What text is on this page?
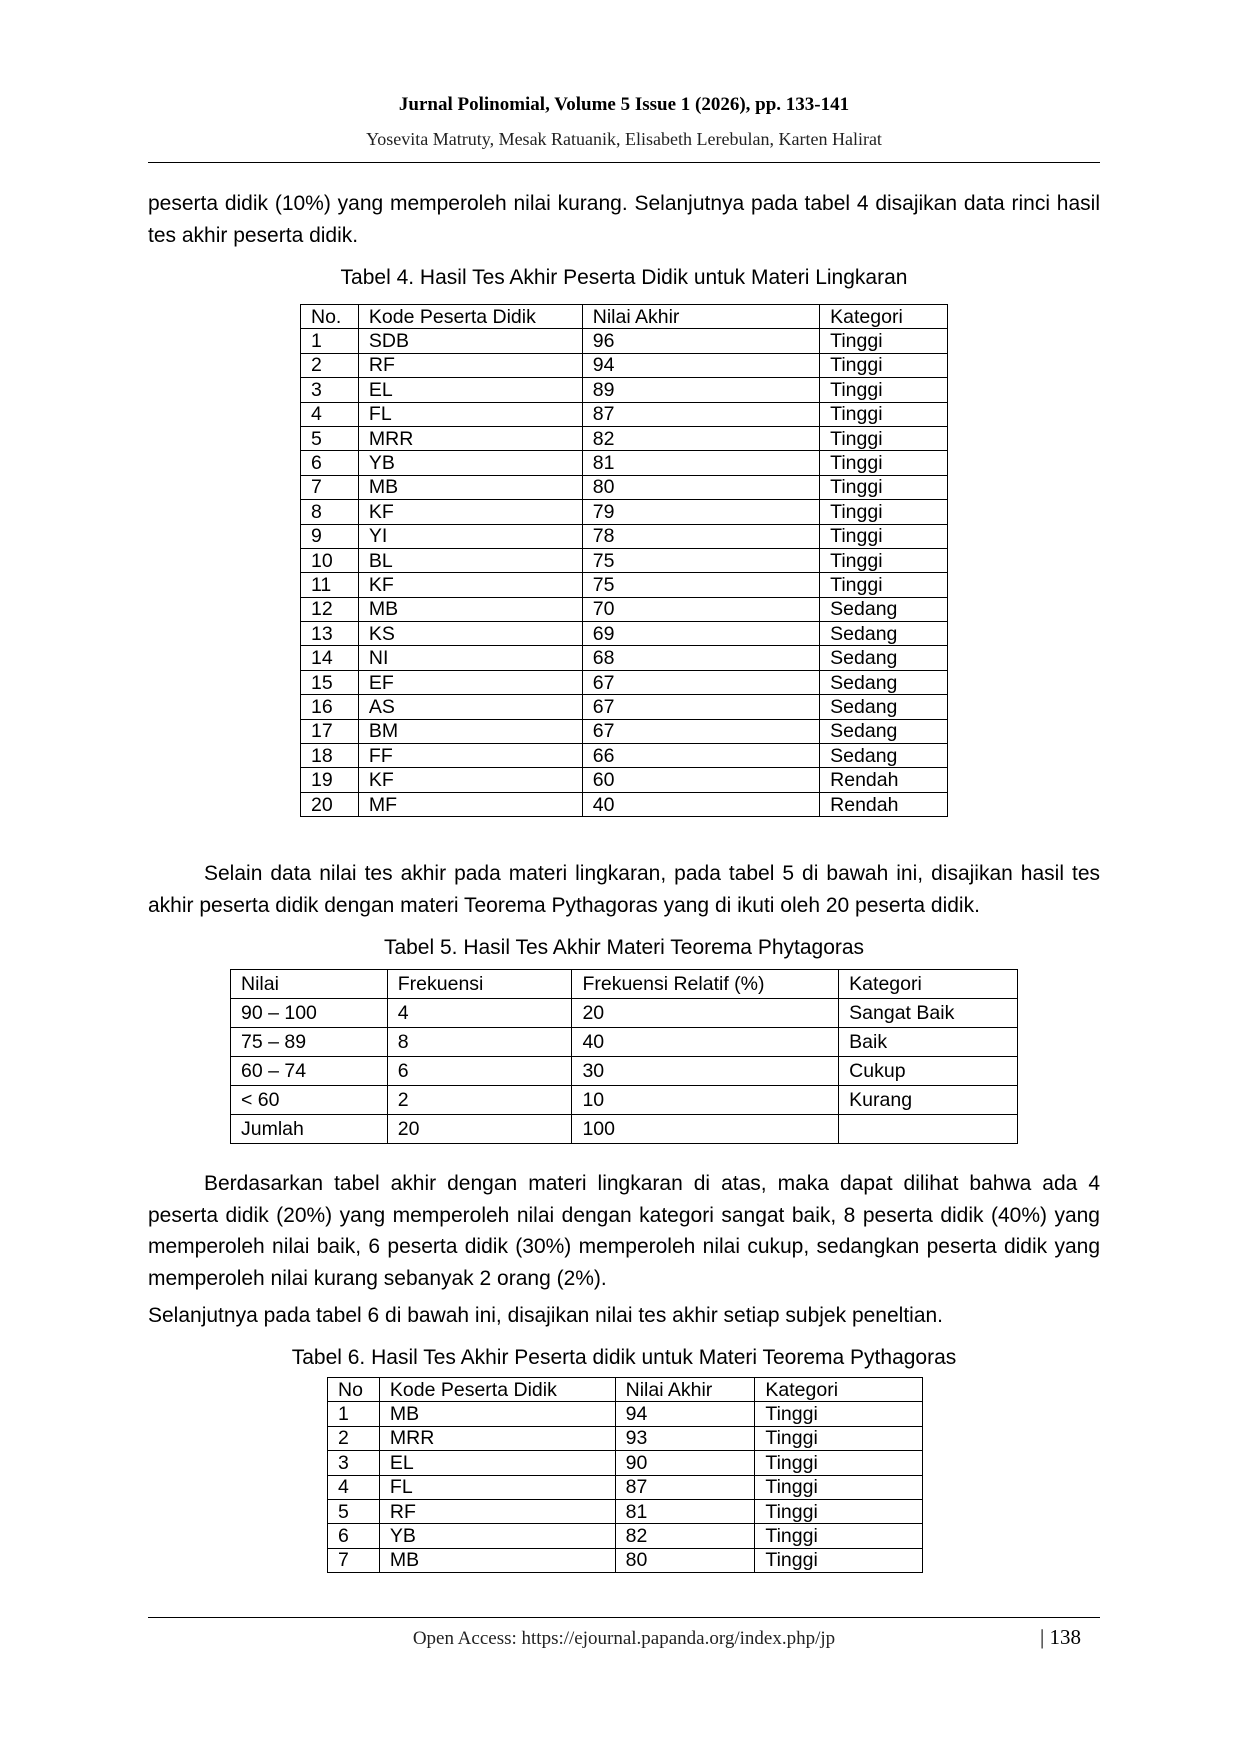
Jurnal Polinomial, Volume 5 Issue 1 (2026), pp. 133-141
Yosevita Matruty, Mesak Ratuanik, Elisabeth Lerebulan, Karten Halirat
peserta didik (10%) yang memperoleh nilai kurang. Selanjutnya pada tabel 4 disajikan data rinci hasil tes akhir peserta didik.
Tabel 4. Hasil Tes Akhir Peserta Didik untuk Materi Lingkaran
No.	Kode Peserta Didik	Nilai Akhir	Kategori
1	SDB	96	Tinggi
2	RF	94	Tinggi
3	EL	89	Tinggi
4	FL	87	Tinggi
5	MRR	82	Tinggi
6	YB	81	Tinggi
7	MB	80	Tinggi
8	KF	79	Tinggi
9	YI	78	Tinggi
10	BL	75	Tinggi
11	KF	75	Tinggi
12	MB	70	Sedang
13	KS	69	Sedang
14	NI	68	Sedang
15	EF	67	Sedang
16	AS	67	Sedang
17	BM	67	Sedang
18	FF	66	Sedang
19	KF	60	Rendah
20	MF	40	Rendah
Selain data nilai tes akhir pada materi lingkaran, pada tabel 5 di bawah ini, disajikan hasil tes akhir peserta didik dengan materi Teorema Pythagoras yang di ikuti oleh 20 peserta didik.
Tabel 5. Hasil Tes Akhir Materi Teorema Phytagoras
Nilai	Frekuensi	Frekuensi Relatif (%)	Kategori
90 – 100	4	20	Sangat Baik
75 – 89	8	40	Baik
60 – 74	6	30	Cukup
< 60	2	10	Kurang
Jumlah	20	100	
Berdasarkan tabel akhir dengan materi lingkaran di atas, maka dapat dilihat bahwa ada 4 peserta didik (20%) yang memperoleh nilai dengan kategori sangat baik, 8 peserta didik (40%) yang memperoleh nilai baik, 6 peserta didik (30%) memperoleh nilai cukup, sedangkan peserta didik yang memperoleh nilai kurang sebanyak 2 orang (2%).
Selanjutnya pada tabel 6 di bawah ini, disajikan nilai tes akhir setiap subjek peneltian.
Tabel 6. Hasil Tes Akhir Peserta didik untuk Materi Teorema Pythagoras
No	Kode Peserta Didik	Nilai Akhir	Kategori
1	MB	94	Tinggi
2	MRR	93	Tinggi
3	EL	90	Tinggi
4	FL	87	Tinggi
5	RF	81	Tinggi
6	YB	82	Tinggi
7	MB	80	Tinggi
Open Access: https://ejournal.papanda.org/index.php/jp	| 138
